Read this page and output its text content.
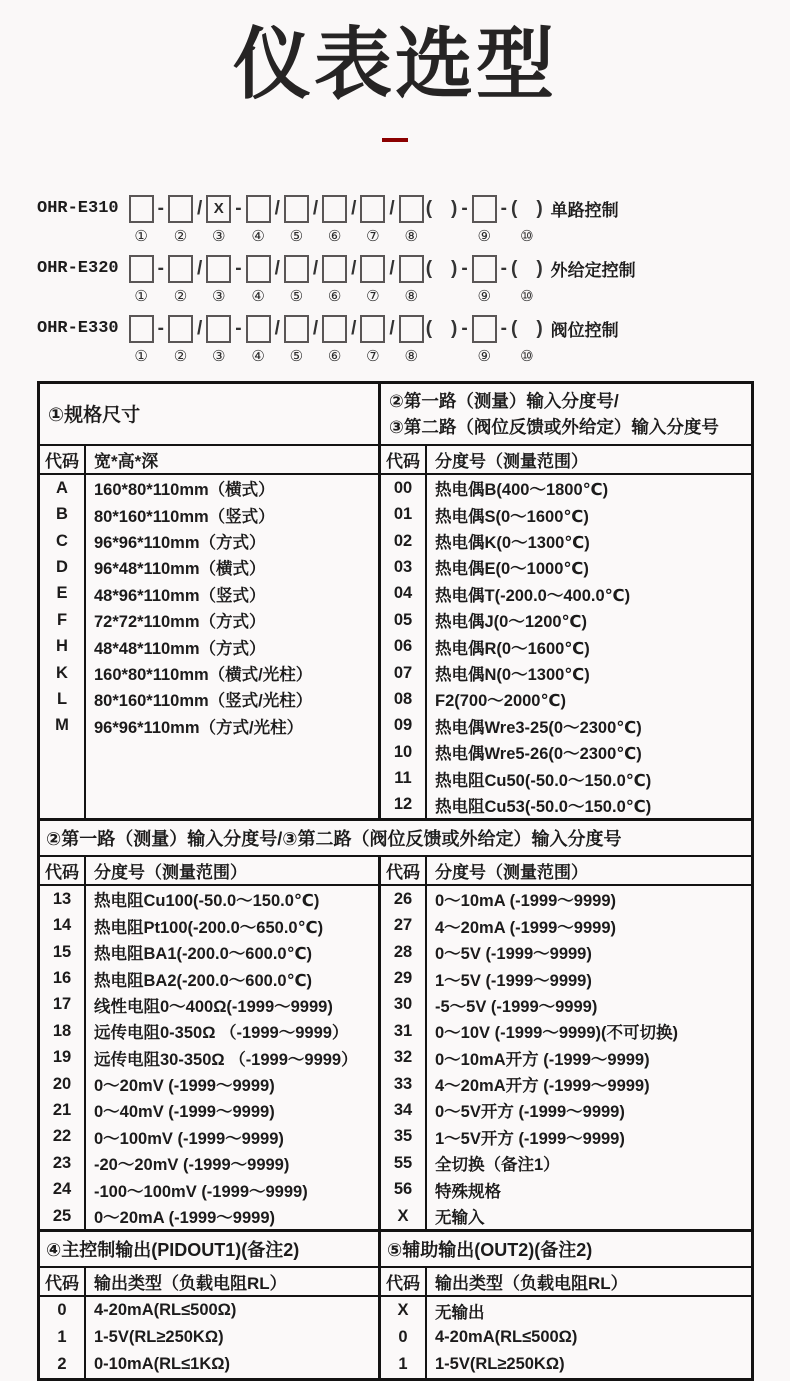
仪表选型
OHR-E310
①
-
②
/ X
③
-
④
/
⑤
/
⑥
/
⑦
/
⑧
( ) -
⑨
- ( )
⑩
单路控制
OHR-E320
①
-
②
/
③
-
④
/
⑤
/
⑥
/
⑦
/
⑧
( ) -
⑨
- ( )
⑩
外给定控制
OHR-E330
①
-
②
/
③
-
④
/
⑤
/
⑥
/
⑦
/
⑧
( ) -
⑨
- ( )
⑩
阀位控制
①规格尺寸
②第一路（测量）输入分度号/
③第二路（阀位反馈或外给定）输入分度号
代码 宽*高*深	代码 分度号（测量范围）
A	160*80*110mm（横式）
B	80*160*110mm（竖式）
C	96*96*110mm（方式）
D	96*48*110mm（横式）
E	48*96*110mm（竖式）
F	72*72*110mm（方式）
H	48*48*110mm（方式）
K	160*80*110mm（横式/光柱）
L	80*160*110mm（竖式/光柱）
M	96*96*110mm（方式/光柱）
00	热电偶B(400～1800℃)
01	热电偶S(0～1600℃)
02	热电偶K(0～1300℃)
03	热电偶E(0～1000℃)
04	热电偶T(-200.0～400.0℃)
05	热电偶J(0～1200℃)
06	热电偶R(0～1600℃)
07	热电偶N(0～1300℃)
08	F2(700～2000℃)
09	热电偶Wre3-25(0～2300℃)
10	热电偶Wre5-26(0～2300℃)
11	热电阻Cu50(-50.0～150.0℃)
12	热电阻Cu53(-50.0～150.0℃)
②第一路（测量）输入分度号/③第二路（阀位反馈或外给定）输入分度号
代码 分度号（测量范围）	代码 分度号（测量范围）
13	热电阻Cu100(-50.0～150.0℃)
14	热电阻Pt100(-200.0～650.0℃)
15	热电阻BA1(-200.0～600.0℃)
16	热电阻BA2(-200.0～600.0℃)
17	线性电阻0～400Ω(-1999～9999)
18	远传电阻0-350Ω （-1999～9999）
19	远传电阻30-350Ω （-1999～9999）
20	0～20mV (-1999～9999)
21	0～40mV (-1999～9999)
22	0～100mV (-1999～9999)
23	-20～20mV (-1999～9999)
24	-100～100mV (-1999～9999)
25	0～20mA (-1999～9999)
26	0～10mA (-1999～9999)
27	4～20mA (-1999～9999)
28	0～5V (-1999～9999)
29	1～5V (-1999～9999)
30	-5～5V (-1999～9999)
31	0～10V (-1999～9999)(不可切换)
32	0～10mA开方 (-1999～9999)
33	4～20mA开方 (-1999～9999)
34	0～5V开方 (-1999～9999)
35	1～5V开方 (-1999～9999)
55	全切换（备注1）
56	特殊规格
X	无输入
④主控制输出(PIDOUT1)(备注2)	⑤辅助输出(OUT2)(备注2)
代码 输出类型（负载电阻RL）	代码 输出类型（负载电阻RL）
0	4-20mA(RL≤500Ω)
1	1-5V(RL≥250KΩ)
2	0-10mA(RL≤1KΩ)
X	无输出
0	4-20mA(RL≤500Ω)
1	1-5V(RL≥250KΩ)
